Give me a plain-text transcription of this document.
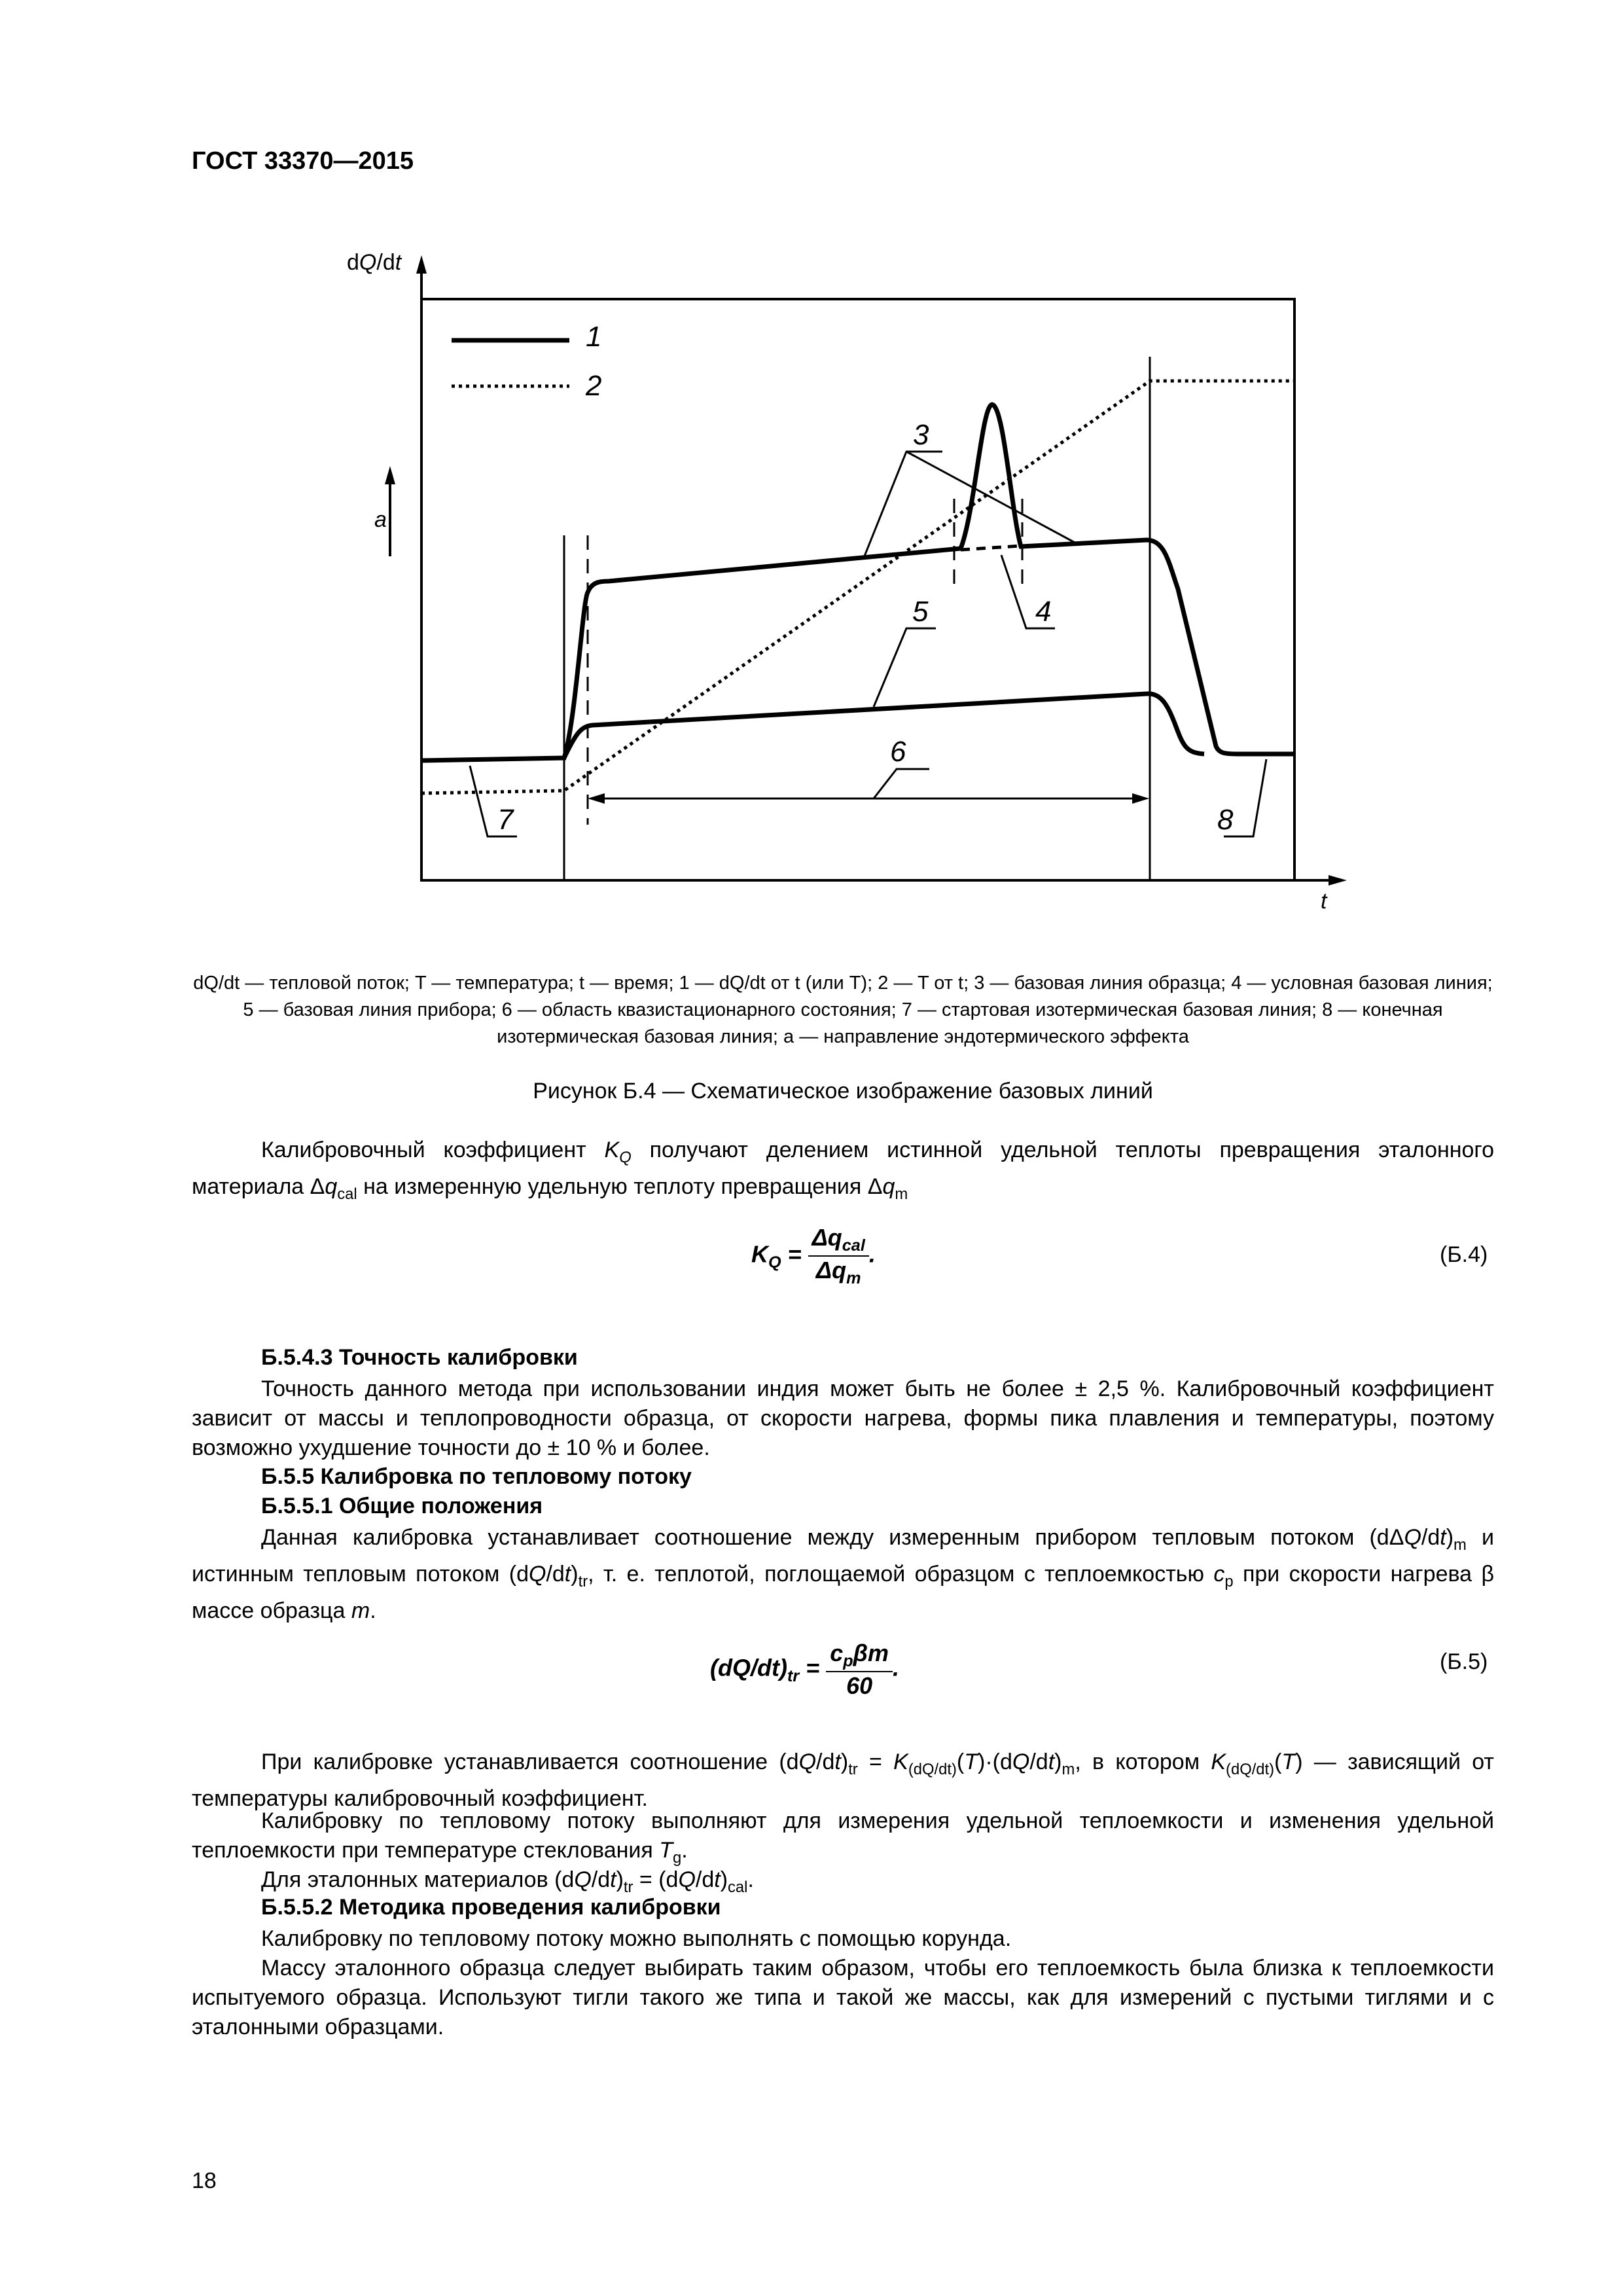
ГОСТ 33370—2015
dQ/dt
t
a
1
2
3
4
5
6
7	8
dQ/dt — тепловой поток; T — температура; t — время; 1 — dQ/dt от t (или T); 2 — T от t; 3 — базовая линия образца; 4 — условная базовая линия; 5 — базовая линия прибора; 6 — область квазистационарного состояния; 7 — стартовая изотермическая базовая линия; 8 — конечная изотермическая базовая линия; a — направление эндотермического эффекта
Рисунок Б.4 — Схематическое изображение базовых линий
Калибровочный коэффициент $K_Q$ получают делением истинной удельной теплоты превращения эталонного материала $\Delta q_{cal}$ на измеренную удельную теплоту превращения $\Delta q_m$
$K_Q = \frac{\Delta q_{cal}}{\Delta q_m}$ .	(Б.4)
Б.5.4.3 Точность калибровки
Точность данного метода при использовании индия может быть не более ± 2,5 %. Калибровочный коэффициент зависит от массы и теплопроводности образца, от скорости нагрева, формы пика плавления и температуры, поэтому возможно ухудшение точности до ± 10 % и более.
Б.5.5 Калибровка по тепловому потоку
Б.5.5.1 Общие положения
Данная калибровка устанавливает соотношение между измеренным прибором тепловым потоком $(d\Delta Q/dt)_m$ и истинным тепловым потоком $(dQ/dt)_{tr}$, т. е. теплотой, поглощаемой образцом с теплоемкостью $c_p$ при скорости нагрева β массе образца m.
$(dQ/dt)_{tr} = \frac{c_p\beta m}{60}$ .	(Б.5)
При калибровке устанавливается соотношение $(dQ/dt)_{tr} = K_{(dQ/dt)}(T)\cdot(dQ/dt)_m$, в котором $K_{(dQ/dt)}(T)$ — зависящий от температуры калибровочный коэффициент.
Калибровку по тепловому потоку выполняют для измерения удельной теплоемкости и изменения удельной теплоемкости при температуре стеклования $T_g$.
Для эталонных материалов $(dQ/dt)_{tr} = (dQ/dt)_{cal}$.
Б.5.5.2 Методика проведения калибровки
Калибровку по тепловому потоку можно выполнять с помощью корунда.
Массу эталонного образца следует выбирать таким образом, чтобы его теплоемкость была близка к теплоемкости испытуемого образца. Используют тигли такого же типа и такой же массы, как для измерений с пустыми тиглями и с эталонными образцами.
18
